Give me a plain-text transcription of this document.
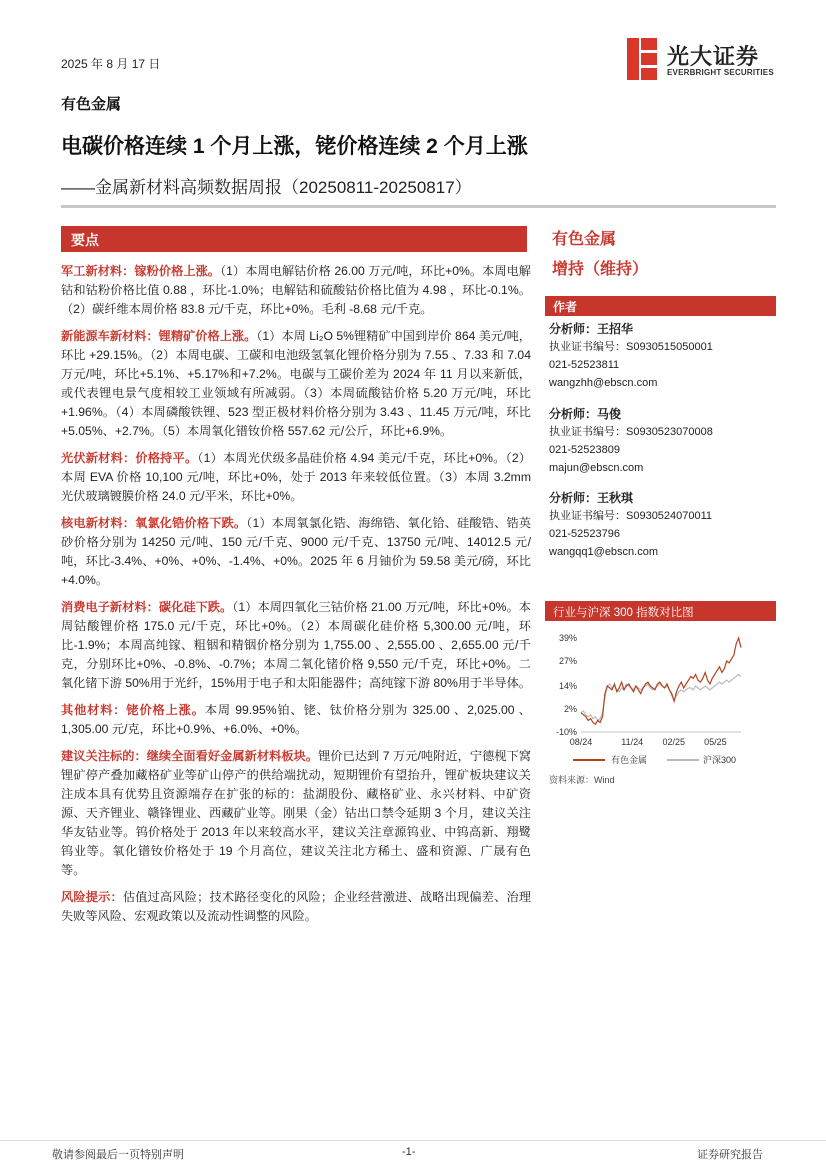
2025 年 8 月 17 日	光大证券
EVERBRIGHT SECURITIES
有色金属
电碳价格连续 1 个月上涨，铑价格连续 2 个月上涨
——金属新材料高频数据周报（20250811-20250817）
要点

军工新材料：镓粉价格上涨。（1）本周电解钴价格 26.00 万元/吨，环比+0%。本周电解钴和钴粉价格比值 0.88 ，环比-1.0%；电解钴和硫酸钴价格比值为 4.98 ，环比-0.1%。（2）碳纤维本周价格 83.8 元/千克，环比+0%。毛利 -8.68 元/千克。

新能源车新材料：锂精矿价格上涨。（1）本周 Li₂O 5%锂精矿中国到岸价 864 美元/吨，环比 +29.15%。（2）本周电碳、工碳和电池级氢氧化锂价格分别为 7.55 、7.33 和 7.04 万元/吨，环比+5.1%、+5.17%和+7.2%。电碳与工碳价差为 2024 年 11 月以来新低，或代表锂电景气度相较工业领域有所减弱。（3）本周硫酸钴价格 5.20 万元/吨，环比+1.96%。（4）本周磷酸铁锂、523 型正极材料价格分别为 3.43 、11.45 万元/吨，环比+5.05%、+2.7%。（5）本周氧化镨钕价格 557.62 元/公斤，环比+6.9%。

光伏新材料：价格持平。（1）本周光伏级多晶硅价格 4.94 美元/千克，环比+0%。（2）本周 EVA 价格 10,100 元/吨，环比+0%，处于 2013 年来较低位置。（3）本周 3.2mm 光伏玻璃镀膜价格 24.0 元/平米，环比+0%。

核电新材料：氧氯化锆价格下跌。（1）本周氧氯化锆、海绵锆、氧化铪、硅酸锆、锆英砂价格分别为 14250 元/吨、150 元/千克、9000 元/千克、13750 元/吨、14012.5 元/吨，环比-3.4%、+0%、+0%、-1.4%、+0%。2025 年 6 月铀价为 59.58 美元/磅，环比+4.0%。

消费电子新材料：碳化硅下跌。（1）本周四氧化三钴价格 21.00 万元/吨，环比+0%。本周钴酸锂价格 175.0 元/千克，环比+0%。（2）本周碳化硅价格 5,300.00 元/吨，环比-1.9%；本周高纯镓、粗铟和精铟价格分别为 1,755.00 、2,555.00 、2,655.00 元/千克，分别环比+0%、-0.8%、-0.7%；本周二氧化锗价格 9,550 元/千克，环比+0%。二氧化锗下游 50%用于光纤，15%用于电子和太阳能器件；高纯镓下游 80%用于半导体。

其他材料：铑价格上涨。本周 99.95%铂、铑、钛价格分别为 325.00 、2,025.00 、1,305.00 元/克，环比+0.9%、+6.0%、+0%。

建议关注标的：继续全面看好金属新材料板块。锂价已达到 7 万元/吨附近，宁德枧下窝锂矿停产叠加藏格矿业等矿山停产的供给端扰动，短期锂价有望抬升，锂矿板块建议关注成本具有优势且资源端存在扩张的标的：盐湖股份、藏格矿业、永兴材料、中矿资源、天齐锂业、赣锋锂业、西藏矿业等。刚果（金）钴出口禁令延期 3 个月，建议关注华友钴业等。钨价格处于 2013 年以来较高水平，建议关注章源钨业、中钨高新、翔鹭钨业等。氧化镨钕价格处于 19 个月高位，建议关注北方稀土、盛和资源、广晟有色等。

风险提示：估值过高风险；技术路径变化的风险；企业经营激进、战略出现偏差、治理失败等风险、宏观政策以及流动性调整的风险。

有色金属
增持（维持）
作者
分析师：王招华
执业证书编号：S0930515050001
021-52523811
wangzhh@ebscn.com
分析师：马俊
执业证书编号：S0930523070008
021-52523809
majun@ebscn.com
分析师：王秋琪
执业证书编号：S0930524070011
021-52523796
wangqq1@ebscn.com
行业与沪深 300 指数对比图
39%
27%
14%
2%
-10%
08/24	11/24 02/25 05/25
有色金属	沪深300
资料来源：Wind
敬请参阅最后一页特别声明	-1-	证券研究报告
